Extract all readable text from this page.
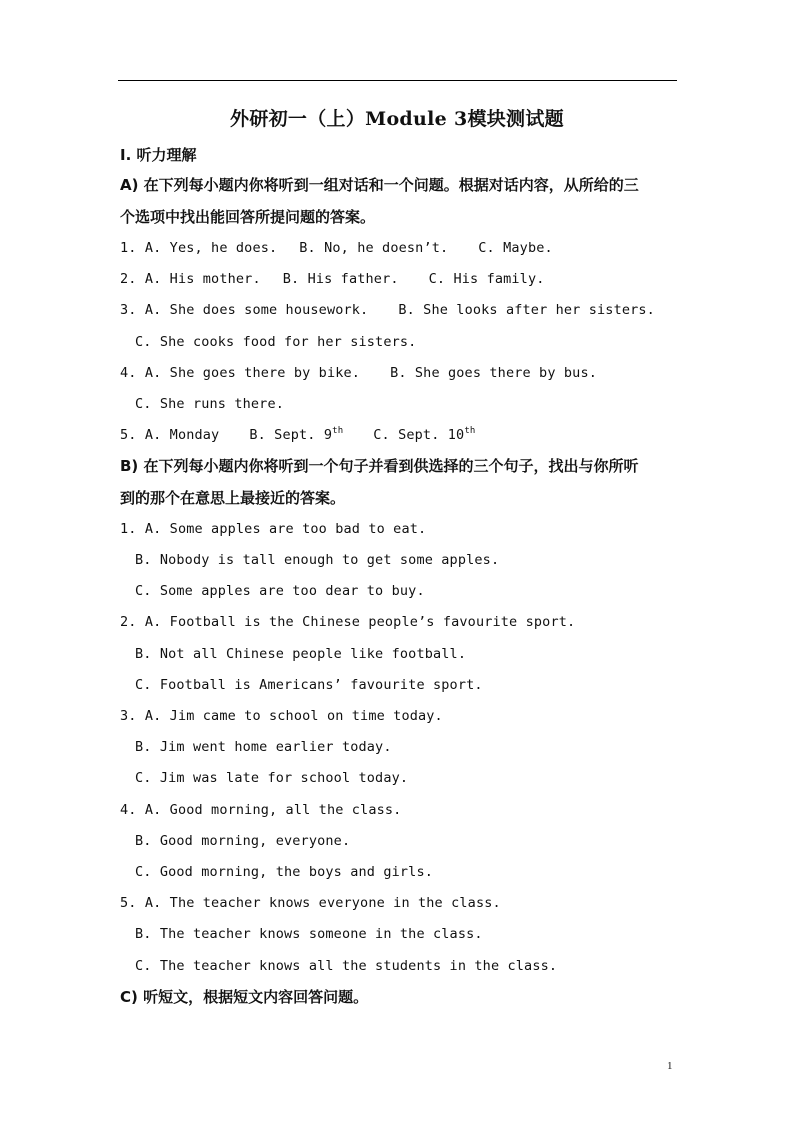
外研初一（上）Module 3模块测试题
I. 听力理解
A) 在下列每小题内你将听到一组对话和一个问题。根据对话内容，从所给的三
个选项中找出能回答所提问题的答案。
1. A. Yes, he does. B. No, he doesn’t. C. Maybe.
2. A. His mother. B. His father. C. His family.
3. A. She does some housework. B. She looks after her sisters.
C. She cooks food for her sisters.
4. A. She goes there by bike. B. She goes there by bus.
C. She runs there.
5. A. Monday B. Sept. 9th C. Sept. 10th
B) 在下列每小题内你将听到一个句子并看到供选择的三个句子，找出与你所听
到的那个在意思上最接近的答案。
1. A. Some apples are too bad to eat.
B. Nobody is tall enough to get some apples.
C. Some apples are too dear to buy.
2. A. Football is the Chinese people’s favourite sport.
B. Not all Chinese people like football.
C. Football is Americans’ favourite sport.
3. A. Jim came to school on time today.
B. Jim went home earlier today.
C. Jim was late for school today.
4. A. Good morning, all the class.
B. Good morning, everyone.
C. Good morning, the boys and girls.
5. A. The teacher knows everyone in the class.
B. The teacher knows someone in the class.
C. The teacher knows all the students in the class.
C) 听短文，根据短文内容回答问题。
1
